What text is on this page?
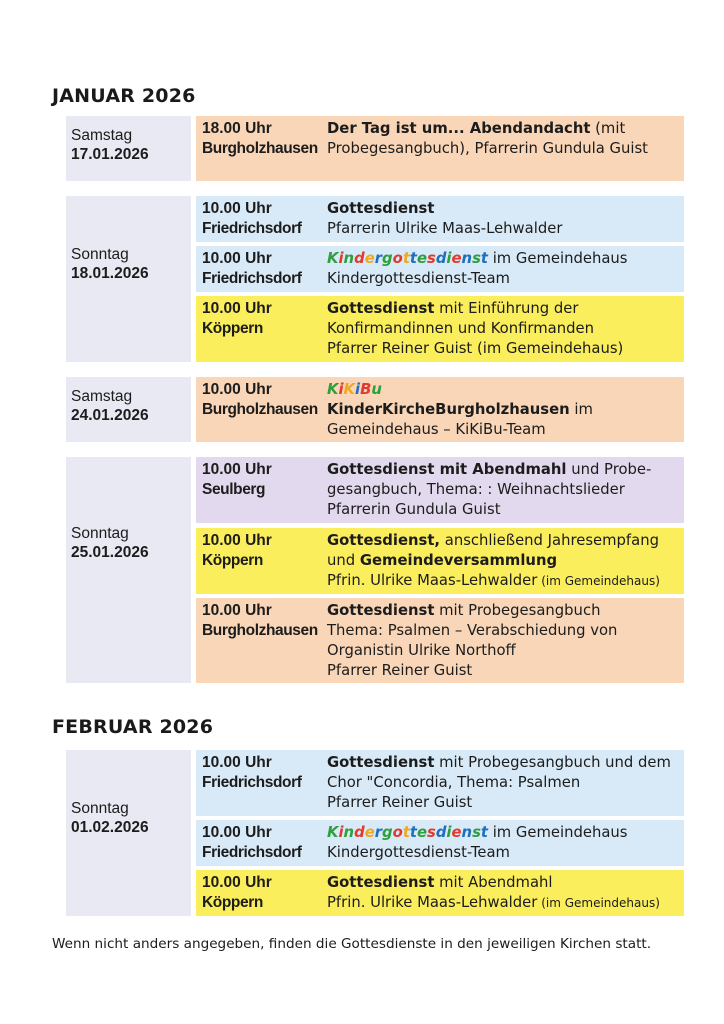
JANUAR 2026
FEBRUAR 2026
Samstag
17.01.2026
Sonntag
18.01.2026
Samstag
24.01.2026
Sonntag
25.01.2026
Sonntag
01.02.2026
18.00 Uhr
Burgholzhausen
Der Tag ist um... Abendandacht (mit
Probegesangbuch), Pfarrerin Gundula Guist
10.00 Uhr
Friedrichsdorf
Gottesdienst
Pfarrerin Ulrike Maas-Lehwalder
10.00 Uhr
Friedrichsdorf
Kindergottesdienst im Gemeindehaus
Kindergottesdienst-Team
10.00 Uhr
Köppern
Gottesdienst mit Einführung der
Konfirmandinnen und Konfirmanden
Pfarrer Reiner Guist (im Gemeindehaus)
10.00 Uhr
Burgholzhausen
KiKiBu
KinderKircheBurgholzhausen im
Gemeindehaus – KiKiBu-Team
10.00 Uhr
Seulberg
Gottesdienst mit Abendmahl und Probe-
gesangbuch, Thema: : Weihnachtslieder
Pfarrerin Gundula Guist
10.00 Uhr
Köppern
Gottesdienst, anschließend Jahresempfang
und Gemeindeversammlung
Pfrin. Ulrike Maas-Lehwalder (im Gemeindehaus)
10.00 Uhr
Burgholzhausen
Gottesdienst mit Probegesangbuch
Thema: Psalmen – Verabschiedung von
Organistin Ulrike Northoff
Pfarrer Reiner Guist
10.00 Uhr
Friedrichsdorf
Gottesdienst mit Probegesangbuch und dem
Chor "Concordia, Thema: Psalmen
Pfarrer Reiner Guist
10.00 Uhr
Friedrichsdorf
Kindergottesdienst im Gemeindehaus
Kindergottesdienst-Team
10.00 Uhr
Köppern
Gottesdienst mit Abendmahl
Pfrin. Ulrike Maas-Lehwalder (im Gemeindehaus)
Wenn nicht anders angegeben, finden die Gottesdienste in den jeweiligen Kirchen statt.
